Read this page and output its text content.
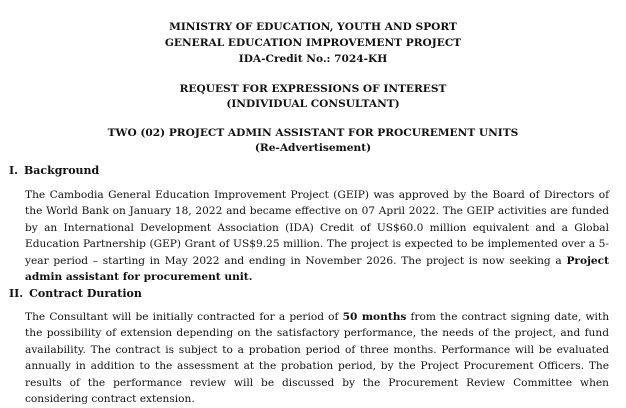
MINISTRY OF EDUCATION, YOUTH AND SPORT
GENERAL EDUCATION IMPROVEMENT PROJECT
IDA-Credit No.: 7024-KH
REQUEST FOR EXPRESSIONS OF INTEREST
(INDIVIDUAL CONSULTANT)
TWO (02) PROJECT ADMIN ASSISTANT FOR PROCUREMENT UNITS
(Re-Advertisement)
I. Background
The Cambodia General Education Improvement Project (GEIP) was approved by the Board of Directors of the World Bank on January 18, 2022 and became effective on 07 April 2022. The GEIP activities are funded by an International Development Association (IDA) Credit of US$60.0 million equivalent and a Global Education Partnership (GEP) Grant of US$9.25 million. The project is expected to be implemented over a 5-year period – starting in May 2022 and ending in November 2026. The project is now seeking a Project admin assistant for procurement unit.
II. Contract Duration
The Consultant will be initially contracted for a period of 50 months from the contract signing date, with the possibility of extension depending on the satisfactory performance, the needs of the project, and fund availability. The contract is subject to a probation period of three months. Performance will be evaluated annually in addition to the assessment at the probation period, by the Project Procurement Officers. The results of the performance review will be discussed by the Procurement Review Committee when considering contract extension.
